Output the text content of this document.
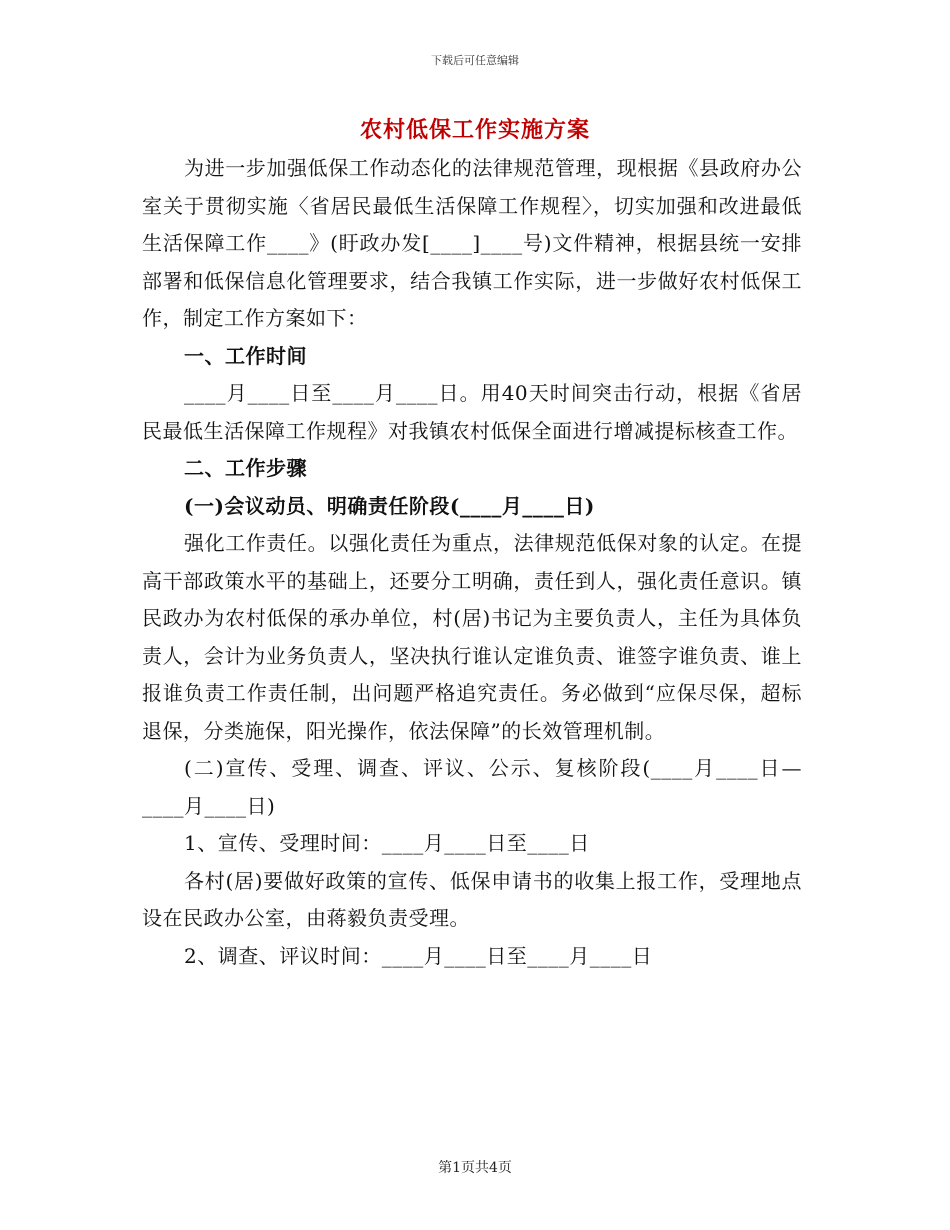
下载后可任意编辑
农村低保工作实施方案

为进一步加强低保工作动态化的法律规范管理，现根据《县政府办公室关于贯彻实施〈省居民最低生活保障工作规程〉，切实加强和改进最低生活保障工作____》(盱政办发[____]____号)文件精神，根据县统一安排部署和低保信息化管理要求，结合我镇工作实际，进一步做好农村低保工作，制定工作方案如下：

一、工作时间

____月____日至____月____日。用40天时间突击行动，根据《省居民最低生活保障工作规程》对我镇农村低保全面进行增减提标核查工作。

二、工作步骤

(一)会议动员、明确责任阶段(____月____日)

强化工作责任。以强化责任为重点，法律规范低保对象的认定。在提高干部政策水平的基础上，还要分工明确，责任到人，强化责任意识。镇民政办为农村低保的承办单位，村(居)书记为主要负责人，主任为具体负责人，会计为业务负责人，坚决执行谁认定谁负责、谁签字谁负责、谁上报谁负责工作责任制，出问题严格追究责任。务必做到“应保尽保，超标退保，分类施保，阳光操作，依法保障”的长效管理机制。

(二)宣传、受理、调查、评议、公示、复核阶段(____月____日—____月____日)

1、宣传、受理时间：____月____日至____日

各村(居)要做好政策的宣传、低保申请书的收集上报工作，受理地点设在民政办公室，由蒋毅负责受理。

2、调查、评议时间：____月____日至____月____日

第1页共4页
